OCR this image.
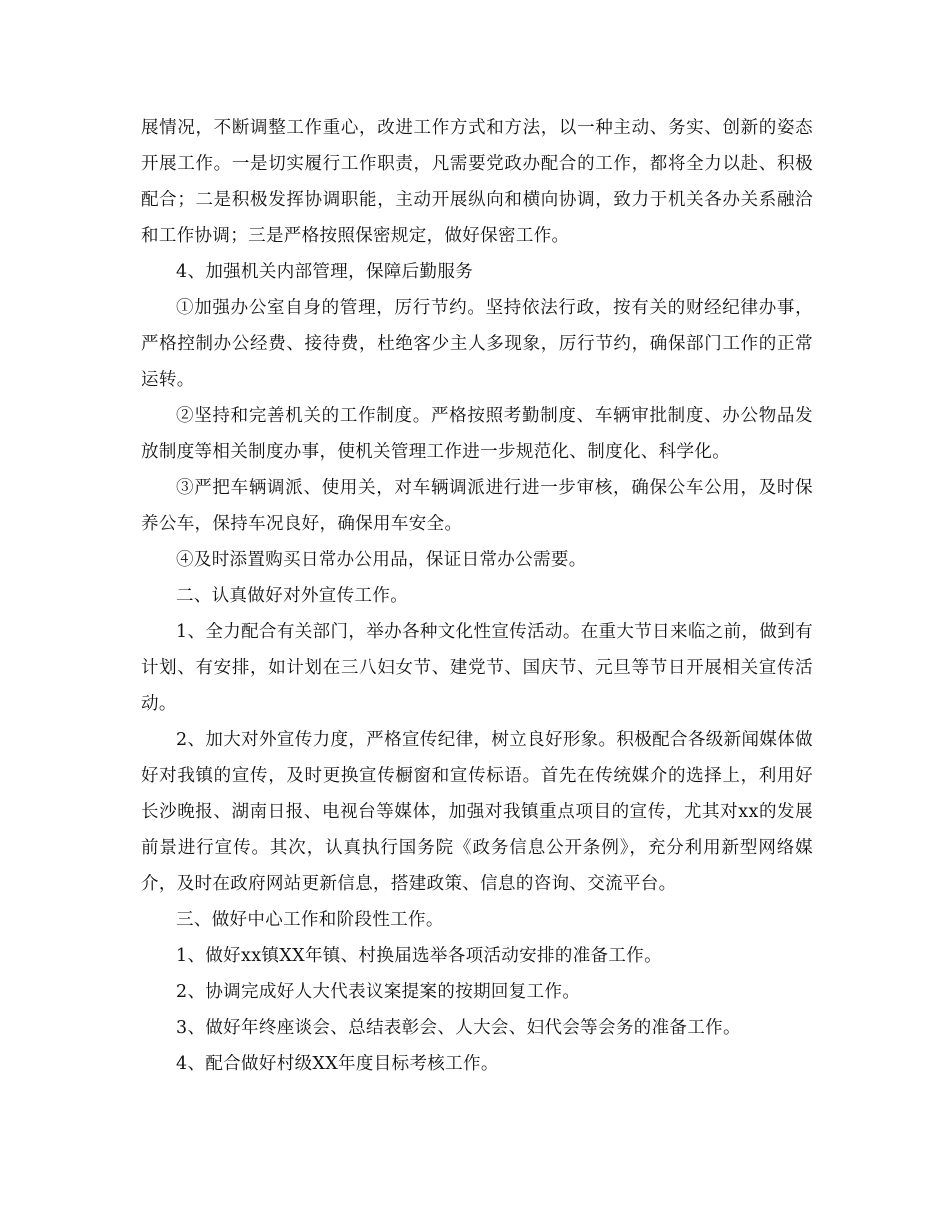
展情况，不断调整工作重心，改进工作方式和方法，以一种主动、务实、创新的姿态开展工作。一是切实履行工作职责，凡需要党政办配合的工作，都将全力以赴、积极配合；二是积极发挥协调职能，主动开展纵向和横向协调，致力于机关各办关系融洽和工作协调；三是严格按照保密规定，做好保密工作。

4、加强机关内部管理，保障后勤服务

①加强办公室自身的管理，厉行节约。坚持依法行政，按有关的财经纪律办事，严格控制办公经费、接待费，杜绝客少主人多现象，厉行节约，确保部门工作的正常运转。

②坚持和完善机关的工作制度。严格按照考勤制度、车辆审批制度、办公物品发放制度等相关制度办事，使机关管理工作进一步规范化、制度化、科学化。

③严把车辆调派、使用关，对车辆调派进行进一步审核，确保公车公用，及时保养公车，保持车况良好，确保用车安全。

④及时添置购买日常办公用品，保证日常办公需要。

二、认真做好对外宣传工作。

1、全力配合有关部门，举办各种文化性宣传活动。在重大节日来临之前，做到有计划、有安排，如计划在三八妇女节、建党节、国庆节、元旦等节日开展相关宣传活动。

2、加大对外宣传力度，严格宣传纪律，树立良好形象。积极配合各级新闻媒体做好对我镇的宣传，及时更换宣传橱窗和宣传标语。首先在传统媒介的选择上，利用好长沙晚报、湖南日报、电视台等媒体，加强对我镇重点项目的宣传，尤其对xx的发展前景进行宣传。其次，认真执行国务院《政务信息公开条例》，充分利用新型网络媒介，及时在政府网站更新信息，搭建政策、信息的咨询、交流平台。

三、做好中心工作和阶段性工作。

1、做好xx镇XX年镇、村换届选举各项活动安排的准备工作。

2、协调完成好人大代表议案提案的按期回复工作。

3、做好年终座谈会、总结表彰会、人大会、妇代会等会务的准备工作。

4、配合做好村级XX年度目标考核工作。
